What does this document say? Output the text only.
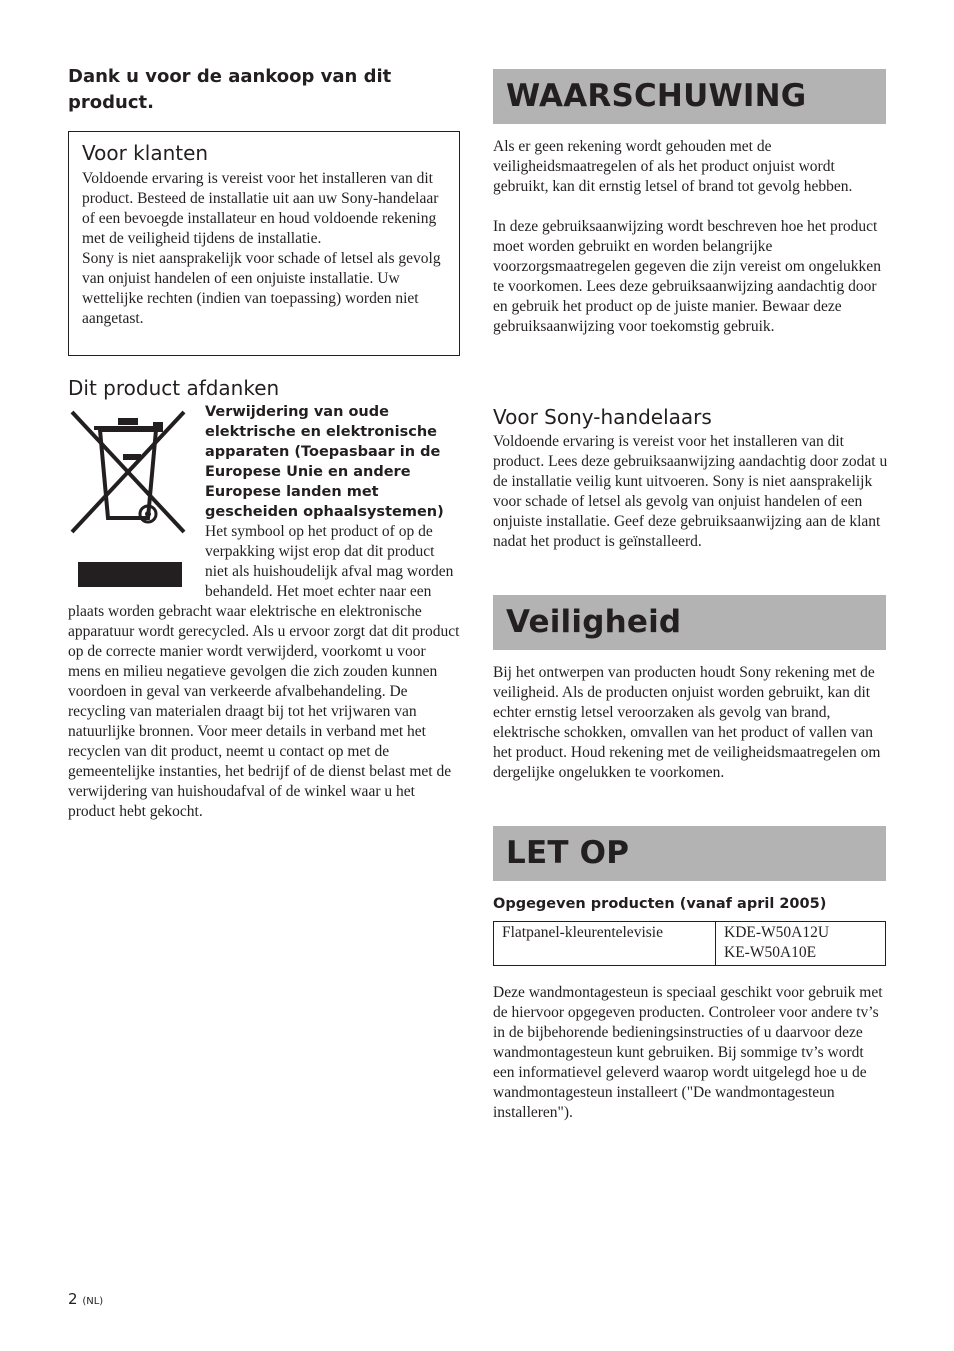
Dank u voor de aankoop van dit product.
Voor klanten

Voldoende ervaring is vereist voor het installeren van dit product. Besteed de installatie uit aan uw Sony-handelaar of een bevoegde installateur en houd voldoende rekening met de veiligheid tijdens de installatie.

Sony is niet aansprakelijk voor schade of letsel als gevolg van onjuist handelen of een onjuiste installatie. Uw wettelijke rechten (indien van toepassing) worden niet aangetast.

Dit product afdanken
Verwijdering van oude elektrische en elektronische apparaten (Toepasbaar in de Europese Unie en andere Europese landen met gescheiden ophaalsystemen)

Het symbool op het product of op de verpakking wijst erop dat dit product niet als huishoudelijk afval mag worden behandeld. Het moet echter naar een plaats worden gebracht waar elektrische en elektronische apparatuur wordt gerecycled. Als u ervoor zorgt dat dit product op de correcte manier wordt verwijderd, voorkomt u voor mens en milieu negatieve gevolgen die zich zouden kunnen voordoen in geval van verkeerde afvalbehandeling. De recycling van materialen draagt bij tot het vrijwaren van natuurlijke bronnen. Voor meer details in verband met het recyclen van dit product, neemt u contact op met de gemeentelijke instanties, het bedrijf of de dienst belast met de verwijdering van huishoudafval of de winkel waar u het product hebt gekocht.

WAARSCHUWING

Als er geen rekening wordt gehouden met de veiligheidsmaatregelen of als het product onjuist wordt gebruikt, kan dit ernstig letsel of brand tot gevolg hebben.

In deze gebruiksaanwijzing wordt beschreven hoe het product moet worden gebruikt en worden belangrijke voorzorgsmaatregelen gegeven die zijn vereist om ongelukken te voorkomen. Lees deze gebruiksaanwijzing aandachtig door en gebruik het product op de juiste manier. Bewaar deze gebruiksaanwijzing voor toekomstig gebruik.

Voor Sony-handelaars

Voldoende ervaring is vereist voor het installeren van dit product. Lees deze gebruiksaanwijzing aandachtig door zodat u de installatie veilig kunt uitvoeren. Sony is niet aansprakelijk voor schade of letsel als gevolg van onjuist handelen of een onjuiste installatie. Geef deze gebruiksaanwijzing aan de klant nadat het product is geïnstalleerd.

Veiligheid

Bij het ontwerpen van producten houdt Sony rekening met de veiligheid. Als de producten onjuist worden gebruikt, kan dit echter ernstig letsel veroorzaken als gevolg van brand, elektrische schokken, omvallen van het product of vallen van het product. Houd rekening met de veiligheidsmaatregelen om dergelijke ongelukken te voorkomen.

LET OP
Opgegeven producten (vanaf april 2005)
Flatpanel-kleurentelevisie	KDE-W50A12U
KE-W50A10E

Deze wandmontagesteun is speciaal geschikt voor gebruik met de hiervoor opgegeven producten. Controleer voor andere tv’s in de bijbehorende bedieningsinstructies of u daarvoor deze wandmontagesteun kunt gebruiken. Bij sommige tv’s wordt een informatievel geleverd waarop wordt uitgelegd hoe u de wandmontagesteun installeert ("De wandmontagesteun installeren").

2 (NL)
